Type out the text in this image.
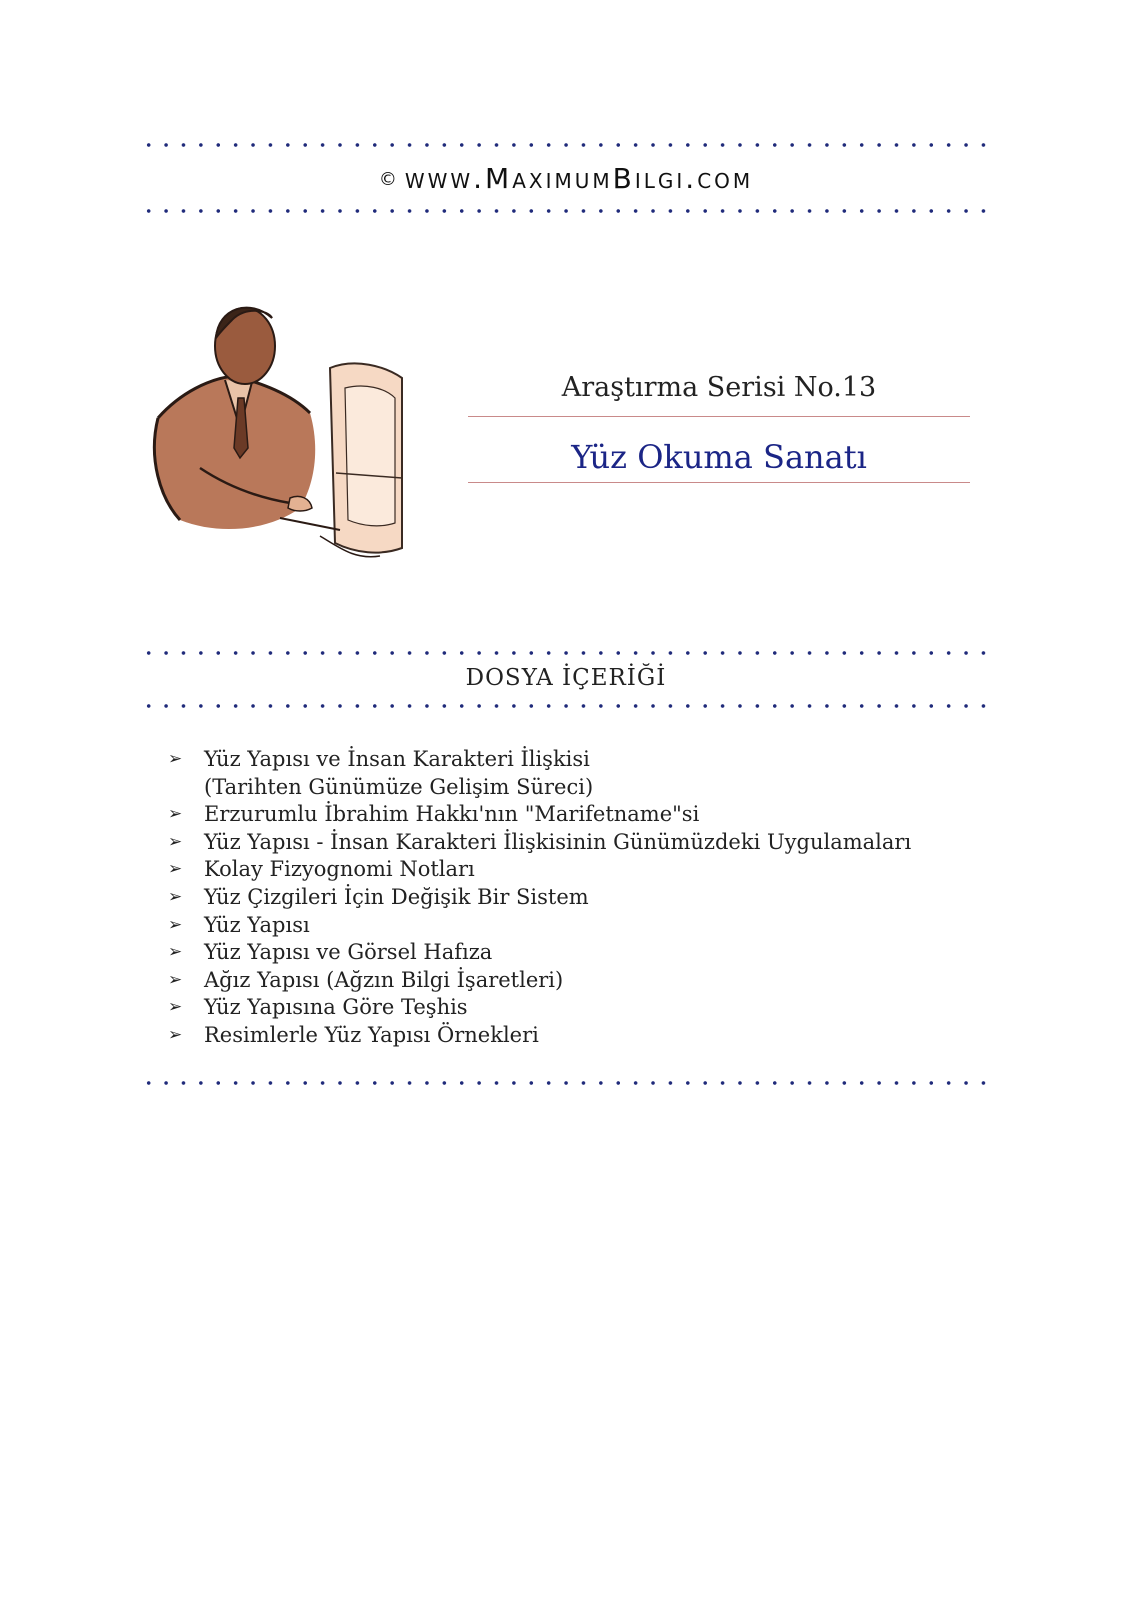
© www.MaximumBilgi.com
Araştırma Serisi No.13
Yüz Okuma Sanatı
DOSYA İÇERİĞİ
➢	Yüz Yapısı ve İnsan Karakteri İlişkisi
(Tarihten Günümüze Gelişim Süreci)
➢	Erzurumlu İbrahim Hakkı'nın "Marifetname"si
➢	Yüz Yapısı - İnsan Karakteri İlişkisinin Günümüzdeki Uygulamaları
➢	Kolay Fizyognomi Notları
➢	Yüz Çizgileri İçin Değişik Bir Sistem
➢	Yüz Yapısı
➢	Yüz Yapısı ve Görsel Hafıza
➢	Ağız Yapısı (Ağzın Bilgi İşaretleri)
➢	Yüz Yapısına Göre Teşhis
➢	Resimlerle Yüz Yapısı Örnekleri
